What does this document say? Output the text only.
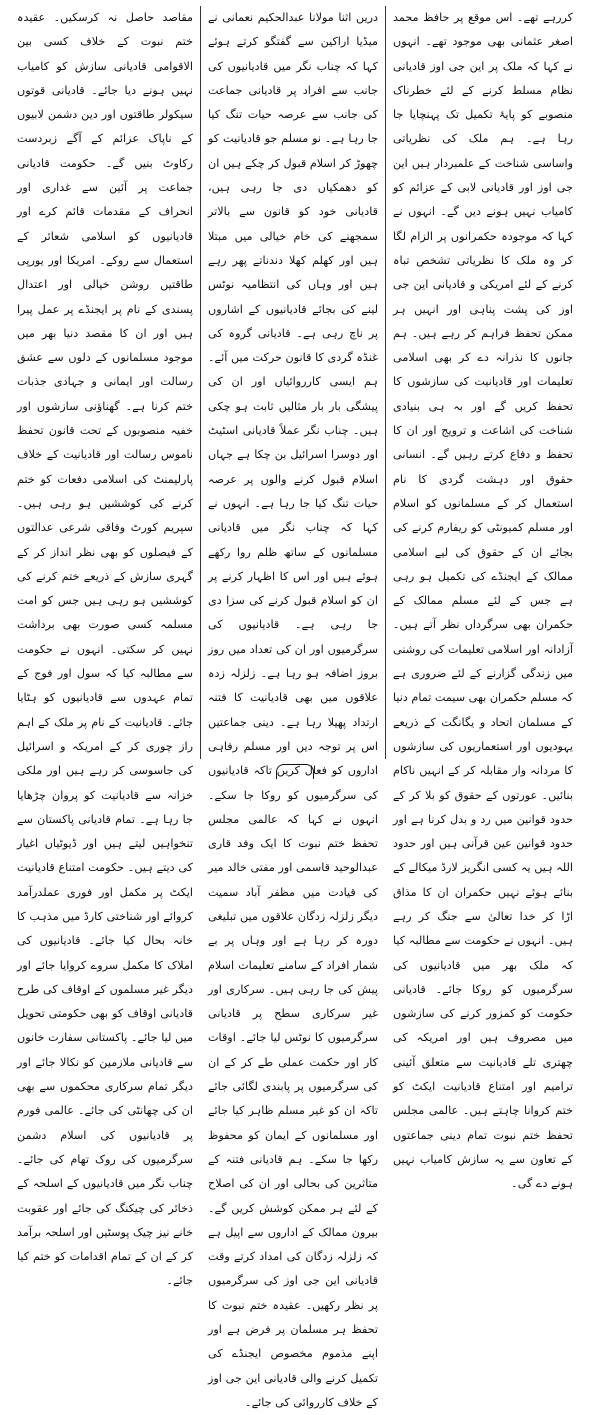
کررہے تھے۔ اس موقع پر حافظ محمد اصغر عثمانی بھی موجود تھے۔ انہوں نے کہا کہ ملک پر این جی اوز قادیانی نظام مسلط کرنے کے لئے خطرناک منصوبے کو پایۂ تکمیل تک پہنچایا جا رہا ہے۔ ہم ملک کی نظریاتی واساسی شناخت کے علمبردار ہیں این جی اوز اور قادیانی لابی کے عزائم کو کامیاب نہیں ہونے دیں گے۔ انہوں نے کہا کہ موجودہ حکمرانوں پر الزام لگا کر وہ ملک کا نظریاتی تشخص تباہ کرنے کے لئے امریکی و قادیانی این جی اوز کی پشت پناہی اور انہیں ہر ممکن تحفظ فراہم کر رہے ہیں۔ ہم جانوں کا نذرانہ دے کر بھی اسلامی تعلیمات اور قادیانیت کی سازشوں کا تحفظ کریں گے اور بہ ہی بنیادی شناخت کی اشاعت و ترویج اور ان کا تحفظ و دفاع کرتے رہیں گے۔ انسانی حقوق اور دہشت گردی کا نام استعمال کر کے مسلمانوں کو اسلام اور مسلم کمیونٹی کو ریفارم کرنے کی بجائے ان کے حقوق کی لیے اسلامی ممالک کے ایجنڈے کی تکمیل ہو رہی ہے جس کے لئے مسلم ممالک کے حکمران بھی سرگرداں نظر آتے ہیں۔ آزادانہ اور اسلامی تعلیمات کی روشنی میں زندگی گزارنے کے لئے ضروری ہے کہ مسلم حکمران بھی سیمت تمام دنیا کے مسلمان اتحاد و یگانگت کے ذریعے یہودیوں اور استعماریوں کی سازشوں کا مردانہ وار مقابلہ کر کے انہیں ناکام بنائیں۔ عورتوں کے حقوق کو بلا کر کے حدود قوانین میں رد و بدل کرنا ہے اور حدود قوانین عین قرآنی ہیں اور حدود اللہ ہیں یہ کسی انگریز لارڈ میکالے کے بنائے ہوئے نہیں حکمران ان کا مذاق اڑا کر خدا تعالیٰ سے جنگ کر رہے ہیں۔ انہوں نے حکومت سے مطالبہ کیا کہ ملک بھر میں قادیانیوں کی سرگرمیوں کو روکا جائے۔ قادیانی حکومت کو کمزور کرنے کی سازشوں میں مصروف ہیں اور امریکہ کی چھتری تلے قادیانیت سے متعلق آئینی ترامیم اور امتناع قادیانیت ایکٹ کو ختم کروانا چاہتے ہیں۔ عالمی مجلس تحفظ ختم نبوت تمام دینی جماعتوں کے تعاون سے یہ سازش کامیاب نہیں ہونے دے گی۔

دریں اثنا مولانا عبدالحکیم نعمانی نے میڈیا اراکین سے گفتگو کرتے ہوئے کہا کہ چناب نگر میں قادیانیوں کی جانب سے افراد پر قادیانی جماعت کی جانب سے عرصہ حیات تنگ کیا جا رہا ہے۔ نو مسلم جو قادیانیت کو چھوڑ کر اسلام قبول کر چکے ہیں ان کو دھمکیاں دی جا رہی ہیں، قادیانی خود کو قانون سے بالاتر سمجھنے کی خام خیالی میں مبتلا ہیں اور کھلم کھلا دندناتے پھر رہے ہیں اور وہاں کی انتظامیہ نوٹس لینے کی بجائے قادیانیوں کے اشاروں پر ناچ رہی ہے۔ قادیانی گروہ کی غنڈہ گردی کا قانون حرکت میں آئے۔ ہم ایسی کارروائیاں اور ان کی پیشگی بار بار مثالیں ثابت ہو چکی ہیں۔ چناب نگر عملاً قادیانی اسٹیٹ اور دوسرا اسرائیل بن چکا ہے جہاں اسلام قبول کرنے والوں پر عرصہ حیات تنگ کیا جا رہا ہے۔ انہوں نے کہا کہ چناب نگر میں قادیانی مسلمانوں کے ساتھ ظلم روا رکھے ہوئے ہیں اور اس کا اظہار کرنے پر ان کو اسلام قبول کرنے کی سزا دی جا رہی ہے۔ قادیانیوں کی سرگرمیوں اور ان کی تعداد میں روز بروز اضافہ ہو رہا ہے۔ زلزلہ زدہ علاقوں میں بھی قادیانیت کا فتنہ ارتداد پھیلا رہا ہے۔ دینی جماعتیں اس پر توجہ دیں اور مسلم رفاہی اداروں کو فعال کریں تاکہ قادیانیوں کی سرگرمیوں کو روکا جا سکے۔ انہوں نے کہا کہ عالمی مجلس تحفظ ختم نبوت کا ایک وفد قاری عبدالوحید قاسمی اور مفتی خالد میر کی قیادت میں مظفر آباد سمیت دیگر زلزلہ زدگان علاقوں میں تبلیغی دورہ کر رہا ہے اور وہاں پر بے شمار افراد کے سامنے تعلیمات اسلام پیش کی جا رہی ہیں۔ سرکاری اور غیر سرکاری سطح پر قادیانی سرگرمیوں کا نوٹس لیا جائے۔ اوقات کار اور حکمت عملی طے کر کے ان کی سرگرمیوں پر پابندی لگائی جائے تاکہ ان کو غیر مسلم ظاہر کیا جائے اور مسلمانوں کے ایمان کو محفوظ رکھا جا سکے۔ ہم قادیانی فتنہ کے متاثرین کی بحالی اور ان کی اصلاح کے لئے ہر ممکن کوشش کریں گے۔ بیرون ممالک کے اداروں سے اپیل ہے کہ زلزلہ زدگان کی امداد کرتے وقت قادیانی این جی اوز کی سرگرمیوں پر نظر رکھیں۔ عقیدہ ختم نبوت کا تحفظ ہر مسلمان پر فرض ہے اور اپنے مذموم مخصوص ایجنڈے کی تکمیل کرنے والی قادیانی این جی اوز کے خلاف کارروائی کی جائے۔

مقاصد حاصل نہ کرسکیں۔ عقیدہ ختم نبوت کے خلاف کسی بین الاقوامی قادیانی سازش کو کامیاب نہیں ہونے دیا جائے۔ قادیانی قوتوں سیکولر طاقتوں اور دین دشمن لابیوں کے ناپاک عزائم کے آگے زبردست رکاوٹ بنیں گے۔ حکومت قادیانی جماعت پر آئین سے غداری اور انحراف کے مقدمات قائم کرے اور قادیانیوں کو اسلامی شعائر کے استعمال سے روکے۔ امریکا اور یورپی طاقتیں روشن خیالی اور اعتدال پسندی کے نام پر ایجنڈے پر عمل پیرا ہیں اور ان کا مقصد دنیا بھر میں موجود مسلمانوں کے دلوں سے عشق رسالت اور ایمانی و جہادی جذبات ختم کرنا ہے۔ گھناؤنی سازشوں اور خفیہ منصوبوں کے تحت قانون تحفظ ناموس رسالت اور قادیانیت کے خلاف پارلیمنٹ کی اسلامی دفعات کو ختم کرنے کی کوششیں ہو رہی ہیں۔ سپریم کورٹ وفاقی شرعی عدالتوں کے فیصلوں کو بھی نظر انداز کر کے گہری سازش کے ذریعے ختم کرنے کی کوششیں ہو رہی ہیں جس کو امت مسلمہ کسی صورت بھی برداشت نہیں کر سکتی۔ انہوں نے حکومت سے مطالبہ کیا کہ سول اور فوج کے تمام عہدوں سے قادیانیوں کو ہٹایا جائے۔ قادیانیت کے نام پر ملک کے اہم راز چوری کر کے امریکہ و اسرائیل کی جاسوسی کر رہے ہیں اور ملکی خزانہ سے قادیانیت کو پروان چڑھایا جا رہا ہے۔ تمام قادیانی پاکستان سے تنخواہیں لیتے ہیں اور ڈیوٹیاں اغیار کی دیتے ہیں۔ حکومت امتناع قادیانیت ایکٹ پر مکمل اور فوری عملدرآمد کروائے اور شناختی کارڈ میں مذہب کا خانہ بحال کیا جائے۔ قادیانیوں کی املاک کا مکمل سروے کروایا جائے اور دیگر غیر مسلموں کے اوقاف کی طرح قادیانی اوقاف کو بھی حکومتی تحویل میں لیا جائے۔ پاکستانی سفارت خانوں سے قادیانی ملازمین کو نکالا جائے اور دیگر تمام سرکاری محکموں سے بھی ان کی چھانٹی کی جائے۔ عالمی فورم پر قادیانیوں کی اسلام دشمن سرگرمیوں کی روک تھام کی جائے۔ چناب نگر میں قادیانیوں کے اسلحہ کے ذخائر کی چیکنگ کی جائے اور عقوبت خانے نیز چیک پوسٹیں اور اسلحہ برآمد کر کے ان کے تمام اقدامات کو ختم کیا جائے۔
